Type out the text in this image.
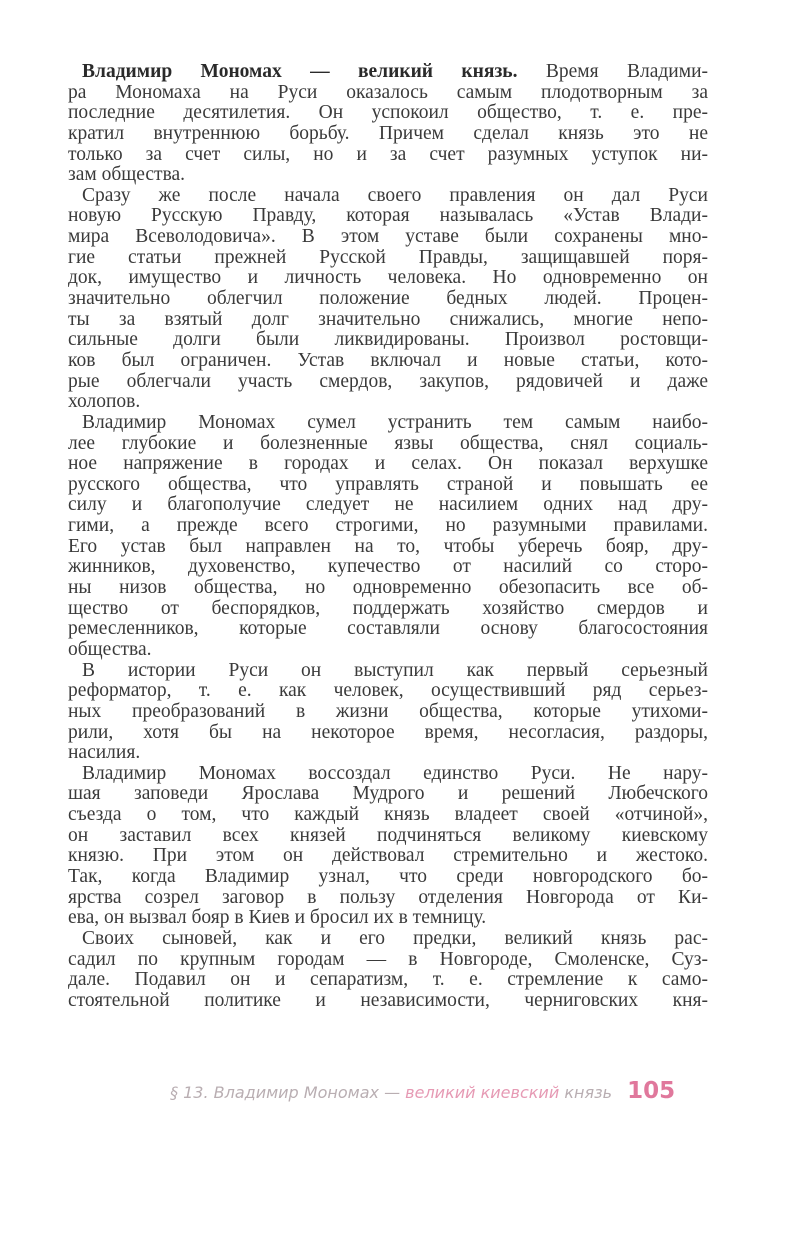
Владимир Мономах — великий князь. Время Владими-
ра Мономаха на Руси оказалось самым плодотворным за
последние десятилетия. Он успокоил общество, т. е. пре-
кратил внутреннюю борьбу. Причем сделал князь это не
только за счет силы, но и за счет разумных уступок ни-
зам общества.
Сразу же после начала своего правления он дал Руси
новую Русскую Правду, которая называлась «Устав Влади-
мира Всеволодовича». В этом уставе были сохранены мно-
гие статьи прежней Русской Правды, защищавшей поря-
док, имущество и личность человека. Но одновременно он
значительно облегчил положение бедных людей. Процен-
ты за взятый долг значительно снижались, многие непо-
сильные долги были ликвидированы. Произвол ростовщи-
ков был ограничен. Устав включал и новые статьи, кото-
рые облегчали участь смердов, закупов, рядовичей и даже
холопов.
Владимир Мономах сумел устранить тем самым наибо-
лее глубокие и болезненные язвы общества, снял социаль-
ное напряжение в городах и селах. Он показал верхушке
русского общества, что управлять страной и повышать ее
силу и благополучие следует не насилием одних над дру-
гими, а прежде всего строгими, но разумными правилами.
Его устав был направлен на то, чтобы уберечь бояр, дру-
жинников, духовенство, купечество от насилий со сторо-
ны низов общества, но одновременно обезопасить все об-
щество от беспорядков, поддержать хозяйство смердов и
ремесленников, которые составляли основу благосостояния
общества.
В истории Руси он выступил как первый серьезный
реформатор, т. е. как человек, осуществивший ряд серьез-
ных преобразований в жизни общества, которые утихоми-
рили, хотя бы на некоторое время, несогласия, раздоры,
насилия.
Владимир Мономах воссоздал единство Руси. Не нару-
шая заповеди Ярослава Мудрого и решений Любечского
съезда о том, что каждый князь владеет своей «отчиной»,
он заставил всех князей подчиняться великому киевскому
князю. При этом он действовал стремительно и жестоко.
Так, когда Владимир узнал, что среди новгородского бо-
ярства созрел заговор в пользу отделения Новгорода от Ки-
ева, он вызвал бояр в Киев и бросил их в темницу.
Своих сыновей, как и его предки, великий князь рас-
садил по крупным городам — в Новгороде, Смоленске, Суз-
дале. Подавил он и сепаратизм, т. е. стремление к само-
стоятельной политике и независимости, черниговских кня-
§ 13. Владимир Мономах — великий киевский князь 105
